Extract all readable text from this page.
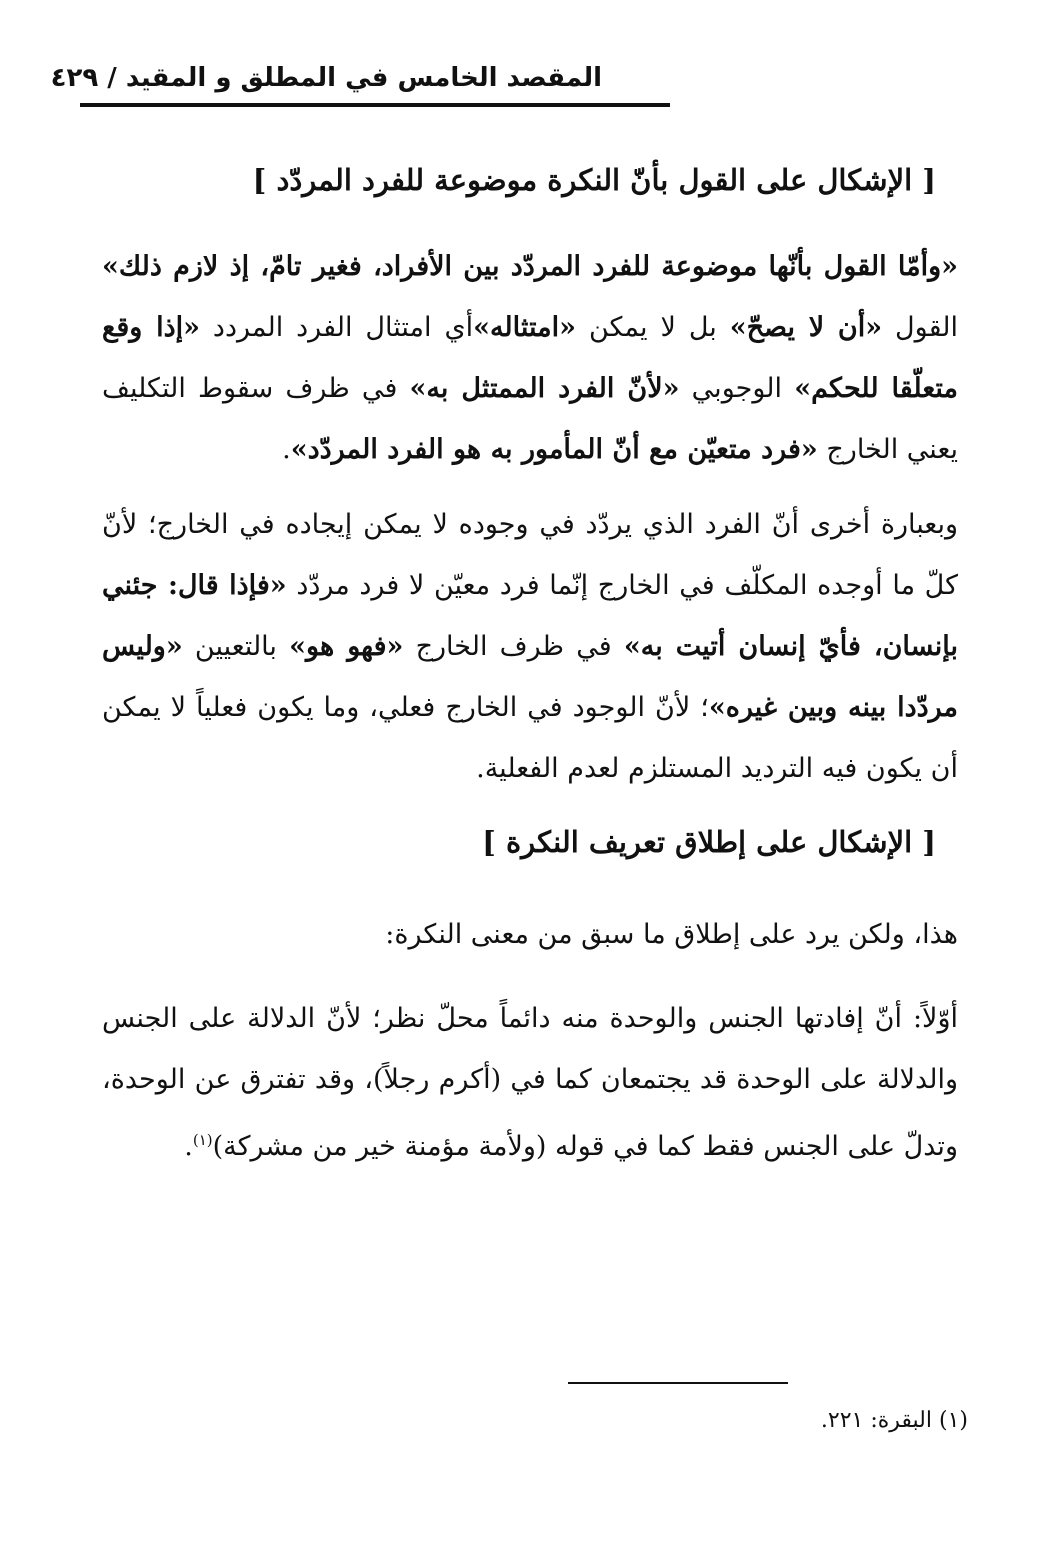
المقصد الخامس في المطلق و المقيد / ٤٢٩
[ الإشكال على القول بأنّ النكرة موضوعة للفرد المردّد ]
«وأمّا القول بأنّها موضوعة للفرد المردّد بين الأفراد، فغير تامّ، إذ لازم ذلك» القول «أن لا يصحّ» بل لا يمكن «امتثاله»أي امتثال الفرد المردد «إذا وقع متعلّقا للحكم» الوجوبي «لأنّ الفرد الممتثل به» في ظرف سقوط التكليف يعني الخارج «فرد متعيّن مع أنّ المأمور به هو الفرد المردّد».
وبعبارة أخرى أنّ الفرد الذي يردّد في وجوده لا يمكن إيجاده في الخارج؛ لأنّ كلّ ما أوجده المكلّف في الخارج إنّما فرد معيّن لا فرد مردّد «فإذا قال: جئني بإنسان، فأيّ إنسان أتيت به» في ظرف الخارج «فهو هو» بالتعيين «وليس مردّدا بينه وبين غيره»؛ لأنّ الوجود في الخارج فعلي، وما يكون فعلياً لا يمكن أن يكون فيه الترديد المستلزم لعدم الفعلية.
[ الإشكال على إطلاق تعريف النكرة ]
هذا، ولكن يرد على إطلاق ما سبق من معنى النكرة:
أوّلاً: أنّ إفادتها الجنس والوحدة منه دائماً محلّ نظر؛ لأنّ الدلالة على الجنس والدلالة على الوحدة قد يجتمعان كما في (أكرم رجلاً)، وقد تفترق عن الوحدة، وتدلّ على الجنس فقط كما في قوله (ولأمة مؤمنة خير من مشركة)$^{(١)}$.
(١) البقرة: ٢٢١.
